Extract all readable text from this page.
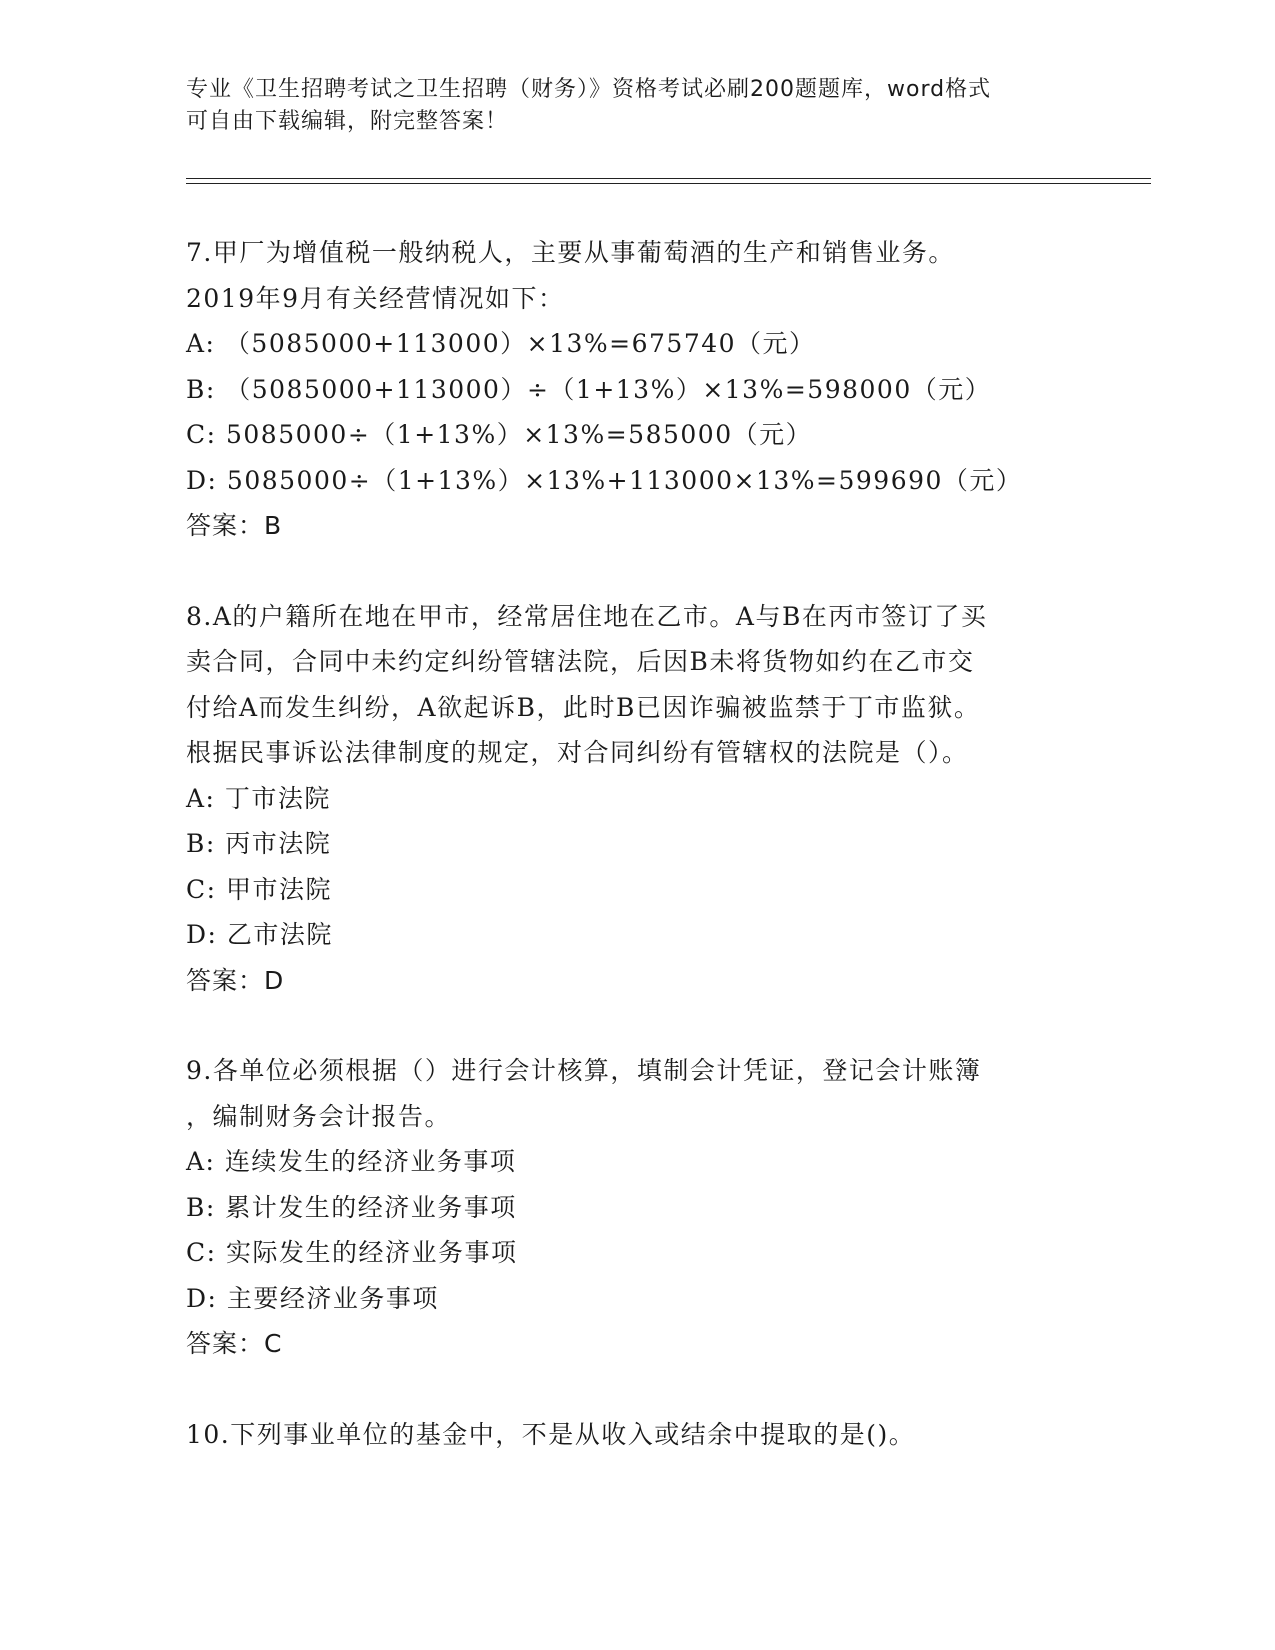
专业《卫生招聘考试之卫生招聘（财务）》资格考试必刷200题题库，word格式
可自由下载编辑，附完整答案！
7.甲厂为增值税一般纳税人，主要从事葡萄酒的生产和销售业务。
2019年9月有关经营情况如下：
A: （5085000+113000）×13%=675740（元）
B: （5085000+113000）÷（1+13%）×13%=598000（元）
C: 5085000÷（1+13%）×13%=585000（元）
D: 5085000÷（1+13%）×13%+113000×13%=599690（元）
答案：B
8.A的户籍所在地在甲市，经常居住地在乙市。A与B在丙市签订了买
卖合同，合同中未约定纠纷管辖法院，后因B未将货物如约在乙市交
付给A而发生纠纷，A欲起诉B，此时B已因诈骗被监禁于丁市监狱。
根据民事诉讼法律制度的规定，对合同纠纷有管辖权的法院是（）。
A: 丁市法院
B: 丙市法院
C: 甲市法院
D: 乙市法院
答案：D
9.各单位必须根据（）进行会计核算，填制会计凭证，登记会计账簿
，编制财务会计报告。
A: 连续发生的经济业务事项
B: 累计发生的经济业务事项
C: 实际发生的经济业务事项
D: 主要经济业务事项
答案：C
10.下列事业单位的基金中，不是从收入或结余中提取的是()。
